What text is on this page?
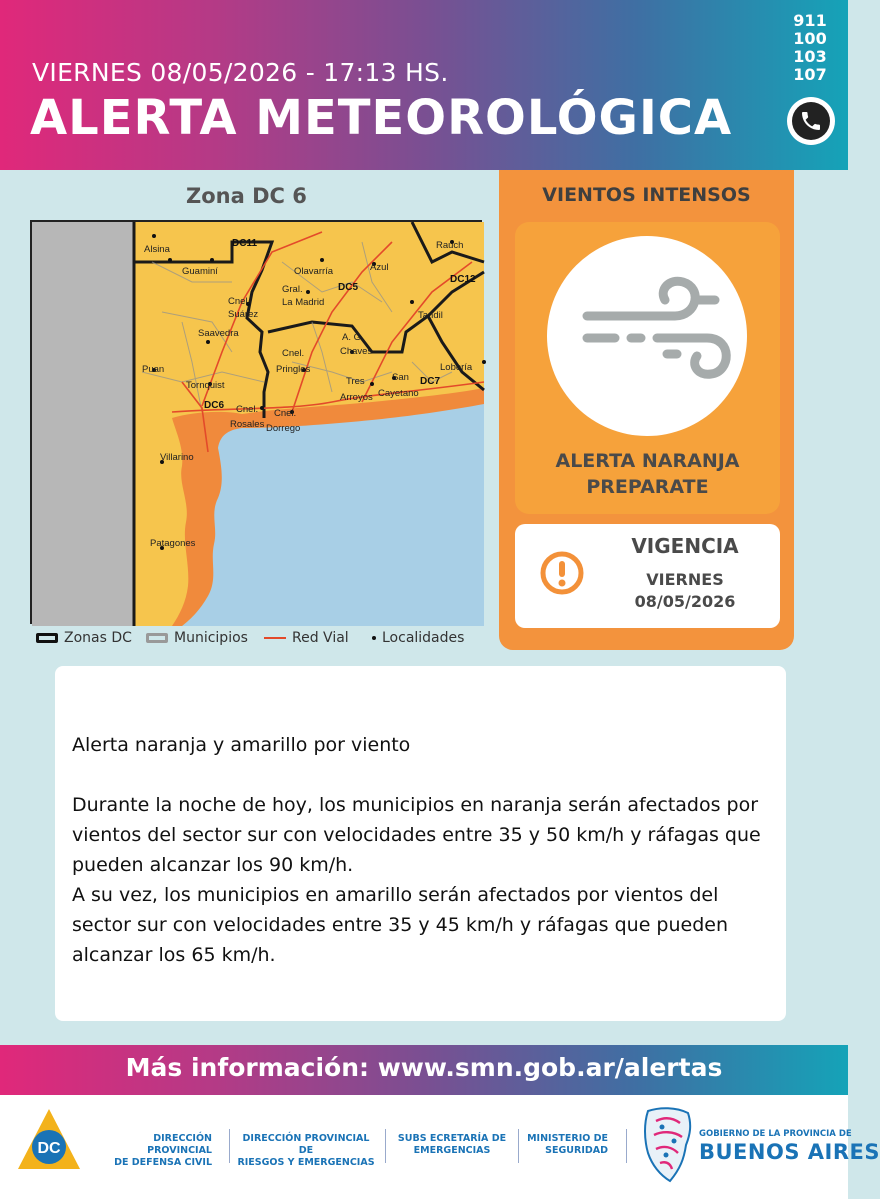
VIERNES 08/05/2026 - 17:13 HS.
ALERTA METEOROLÓGICA
911
100
103
107
Zona DC 6
DC11
DC5
DC12
DC7
DC6
Alsina
Guaminí	Olavarría	Azul
Rauch
Gral.
La Madrid
Cnel.
Suárez	Tandil
Saavedra	A. G.
Chaves
Lobería
Cnel.
Pringles
Puan
Tornquist
San
Cayetano
Tres
Arroyos
Cnel.
Rosales
Cnel.
Dorrego
Villarino
Patagones
Zonas DC	Municipios	Red Vial Localidades
VIENTOS INTENSOS
ALERTA NARANJA
PREPARATE
VIGENCIA
VIERNES
08/05/2026
Alerta naranja y amarillo por viento
Durante la noche de hoy, los municipios en naranja serán afectados por vientos del sector sur con velocidades entre 35 y 50 km/h y ráfagas que pueden alcanzar los 90 km/h.
A su vez, los municipios en amarillo serán afectados por vientos del sector sur con velocidades entre 35 y 45 km/h y ráfagas que pueden alcanzar los 65 km/h.
Más información: www.smn.gob.ar/alertas
DC
DIRECCIÓN PROVINCIAL
DE DEFENSA CIVIL
DIRECCIÓN PROVINCIAL DE
RIESGOS Y EMERGENCIAS
SUBS ECRETARÍA DE
EMERGENCIAS
MINISTERIO DE
SEGURIDAD
GOBIERNO DE LA PROVINCIA DE
BUENOS AIRES
